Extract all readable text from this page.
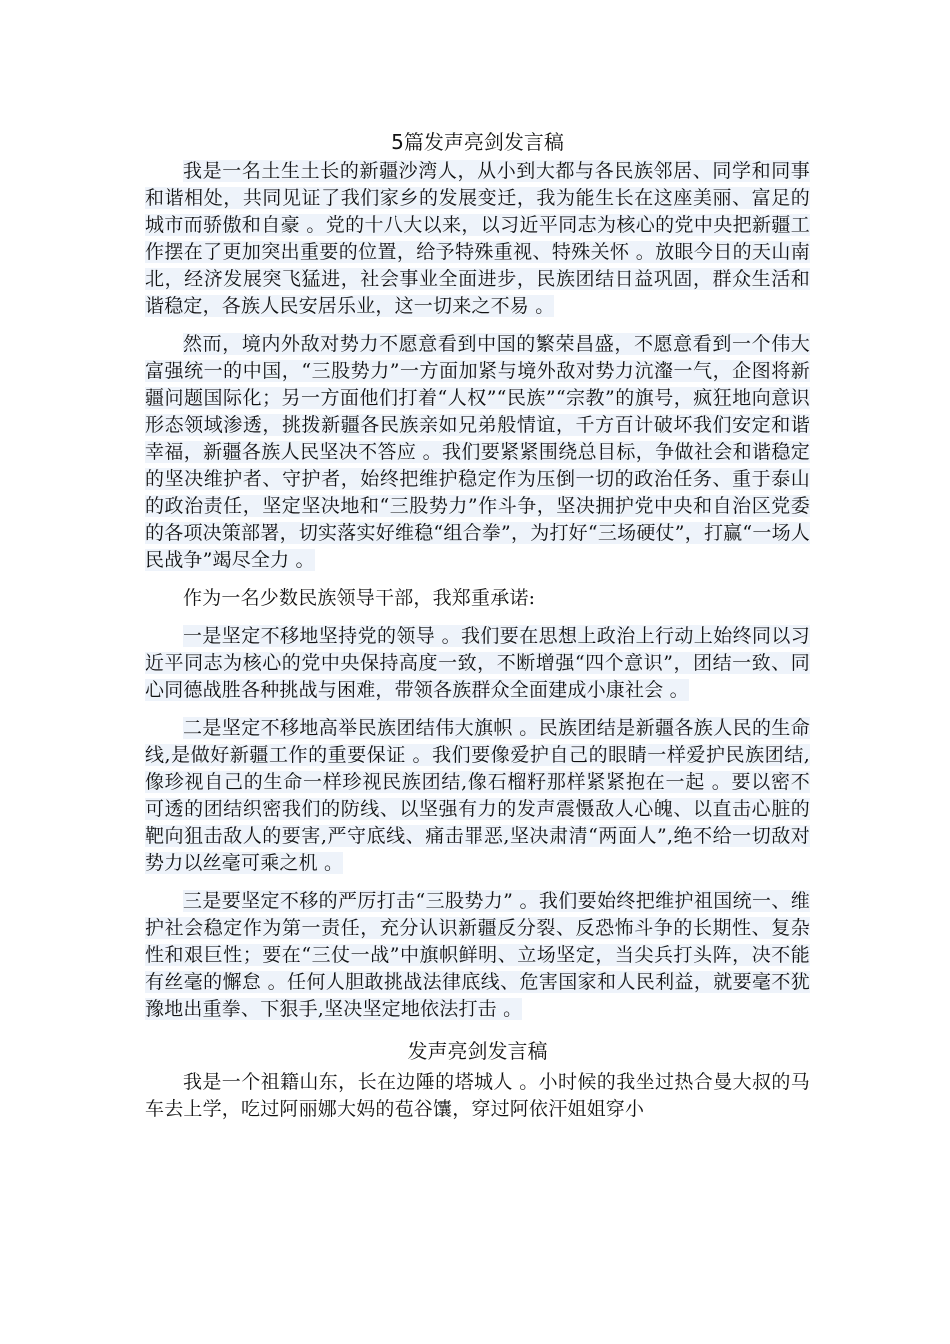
5篇发声亮剑发言稿

我是一名土生土长的新疆沙湾人，从小到大都与各民族邻居、同学和同事和谐相处，共同见证了我们家乡的发展变迁，我为能生长在这座美丽、富足的城市而骄傲和自豪 。党的十八大以来，以习近平同志为核心的党中央把新疆工作摆在了更加突出重要的位置，给予特殊重视、特殊关怀 。放眼今日的天山南北，经济发展突飞猛进，社会事业全面进步，民族团结日益巩固，群众生活和谐稳定，各族人民安居乐业，这一切来之不易 。

然而，境内外敌对势力不愿意看到中国的繁荣昌盛，不愿意看到一个伟大富强统一的中国，“三股势力”一方面加紧与境外敌对势力沆瀣一气，企图将新疆问题国际化；另一方面他们打着“人权”“民族”“宗教”的旗号，疯狂地向意识形态领域渗透，挑拨新疆各民族亲如兄弟般情谊，千方百计破坏我们安定和谐幸福，新疆各族人民坚决不答应 。我们要紧紧围绕总目标，争做社会和谐稳定的坚决维护者、守护者，始终把维护稳定作为压倒一切的政治任务、重于泰山的政治责任，坚定坚决地和“三股势力”作斗争，坚决拥护党中央和自治区党委的各项决策部署，切实落实好维稳“组合拳”，为打好“三场硬仗”，打赢“一场人民战争”竭尽全力 。

作为一名少数民族领导干部，我郑重承诺:

一是坚定不移地坚持党的领导 。我们要在思想上政治上行动上始终同以习近平同志为核心的党中央保持高度一致，不断增强“四个意识”，团结一致、同心同德战胜各种挑战与困难，带领各族群众全面建成小康社会 。

二是坚定不移地高举民族团结伟大旗帜 。民族团结是新疆各族人民的生命线,是做好新疆工作的重要保证 。我们要像爱护自己的眼睛一样爱护民族团结,像珍视自己的生命一样珍视民族团结,像石榴籽那样紧紧抱在一起 。要以密不可透的团结织密我们的防线、以坚强有力的发声震慑敌人心魄、以直击心脏的靶向狙击敌人的要害,严守底线、痛击罪恶,坚决肃清“两面人”,绝不给一切敌对势力以丝毫可乘之机 。

三是要坚定不移的严厉打击“三股势力” 。我们要始终把维护祖国统一、维护社会稳定作为第一责任，充分认识新疆反分裂、反恐怖斗争的长期性、复杂性和艰巨性；要在“三仗一战”中旗帜鲜明、立场坚定，当尖兵打头阵，决不能有丝毫的懈怠 。任何人胆敢挑战法律底线、危害国家和人民利益，就要毫不犹豫地出重拳、下狠手,坚决坚定地依法打击 。

发声亮剑发言稿

我是一个祖籍山东，长在边陲的塔城人 。小时候的我坐过热合曼大叔的马车去上学，吃过阿丽娜大妈的苞谷馕，穿过阿依汗姐姐穿小
